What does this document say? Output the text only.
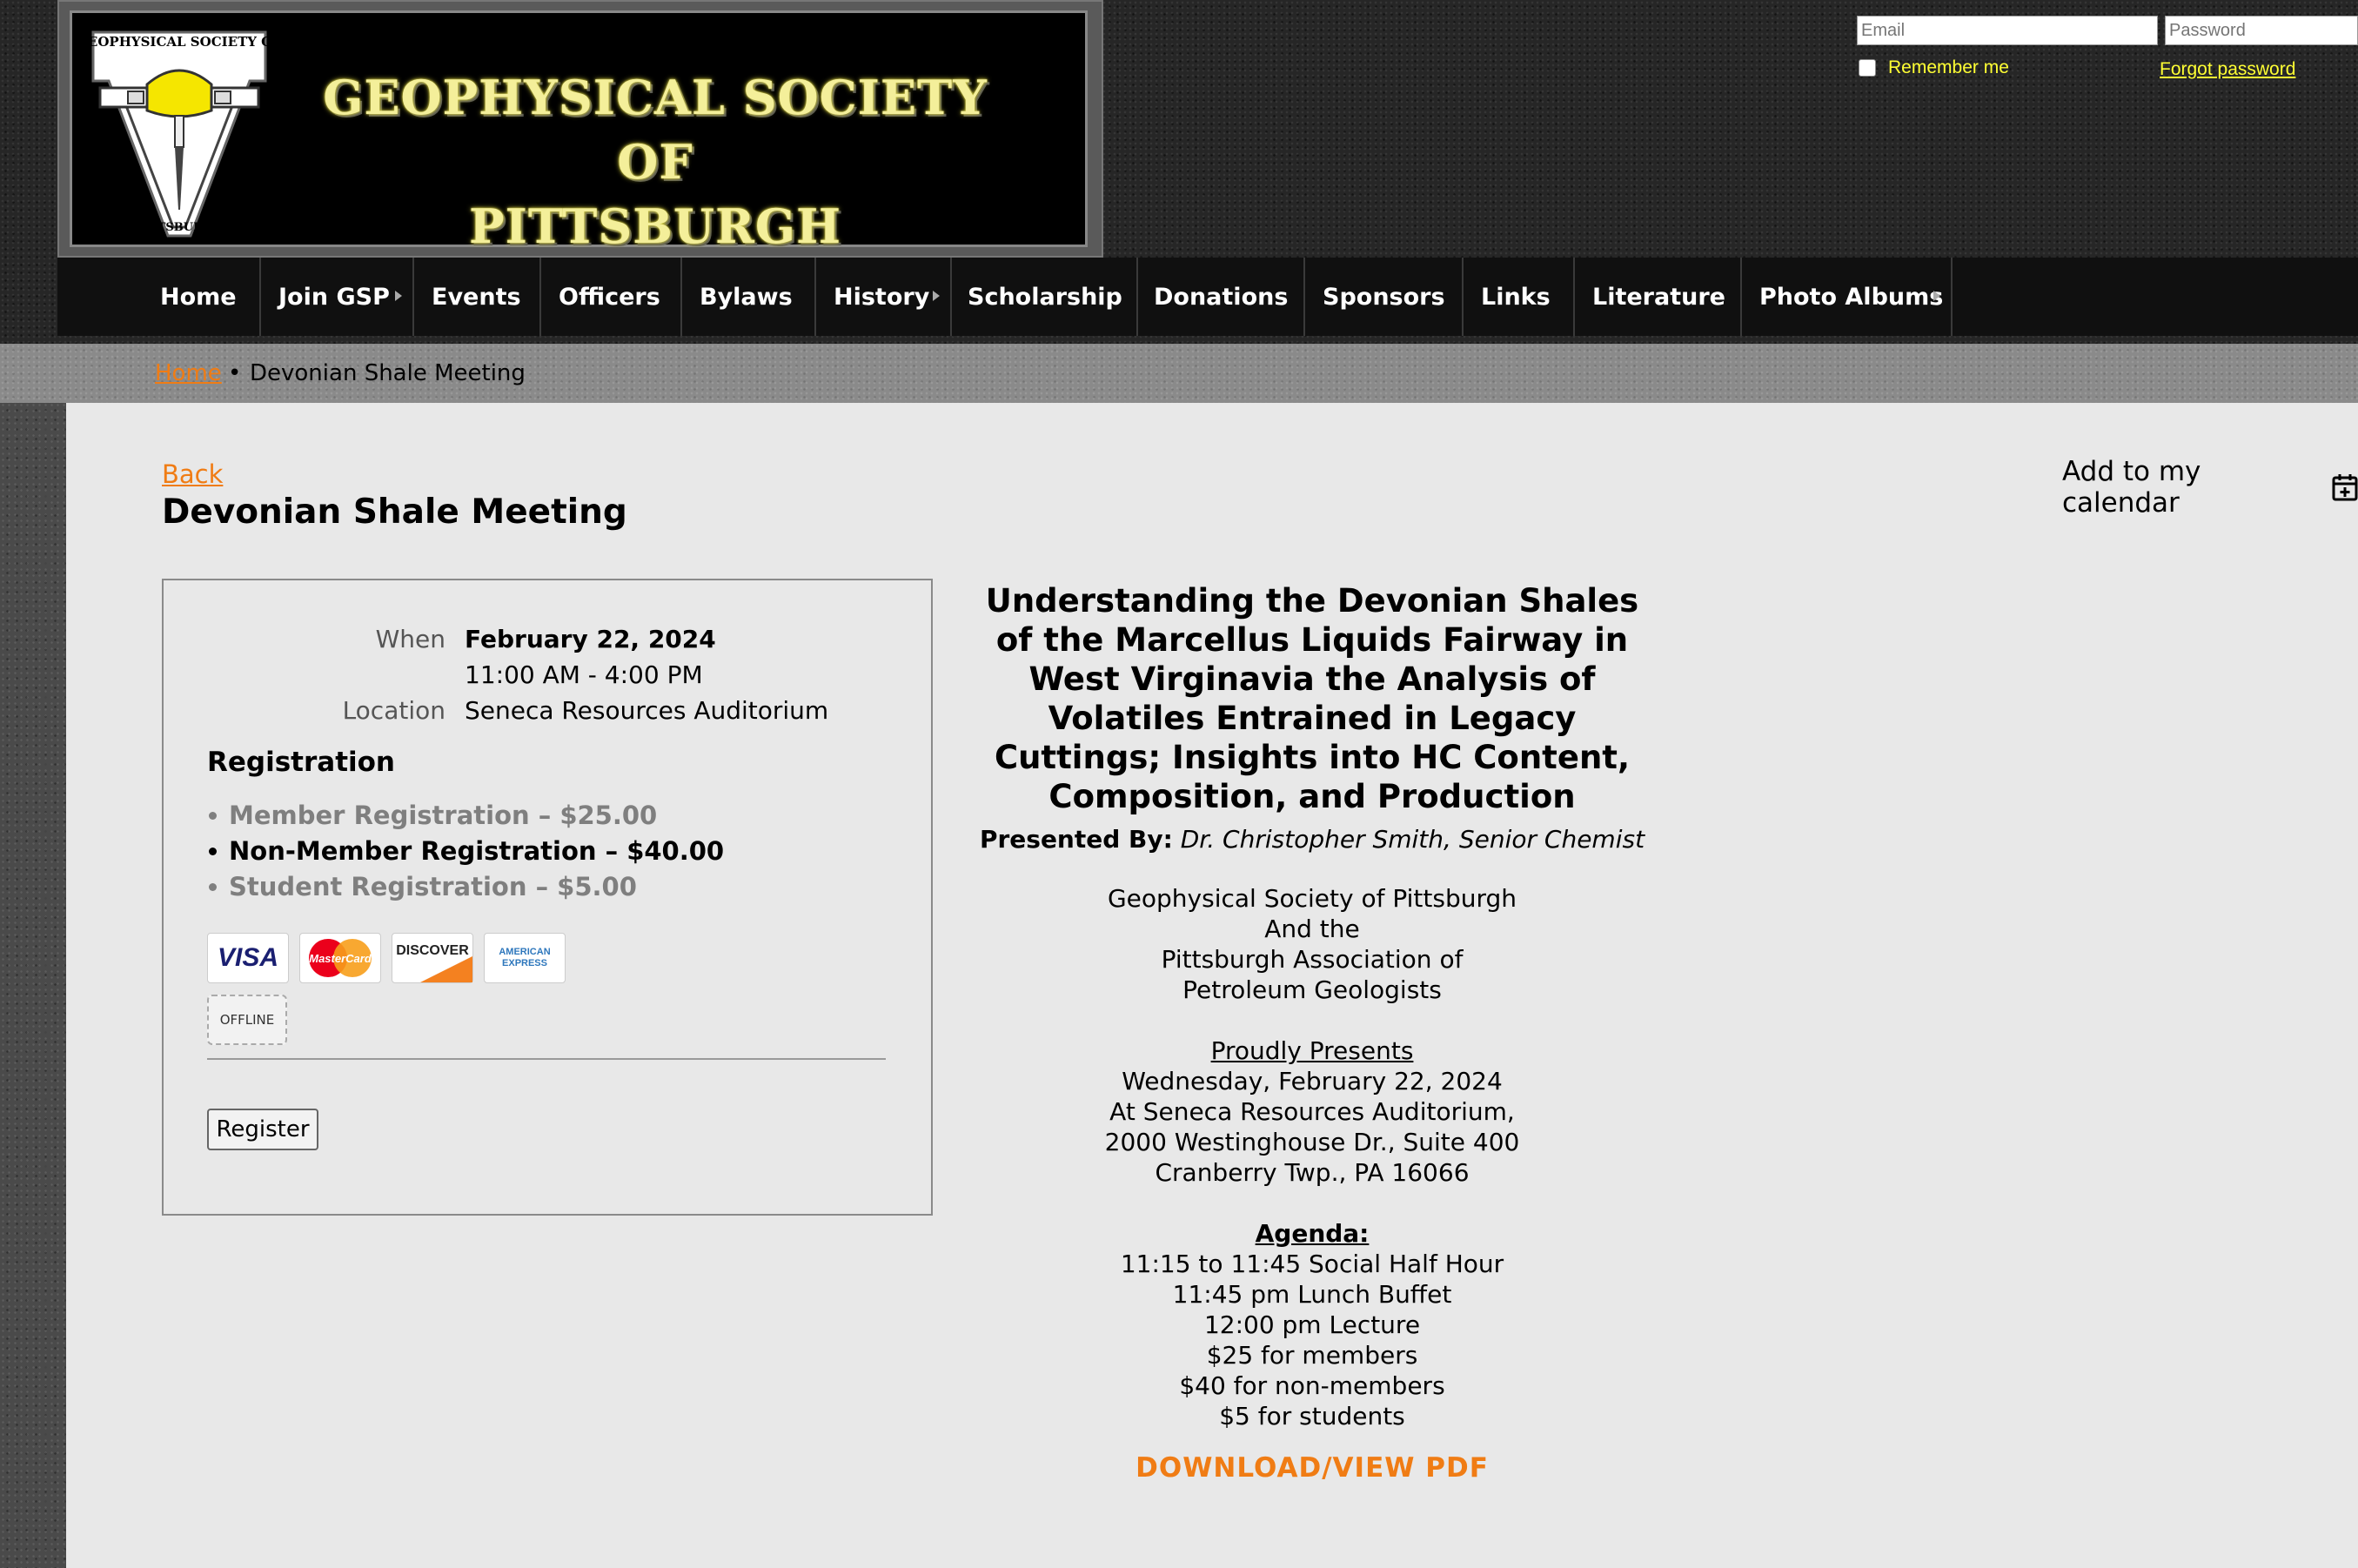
GEOPHYSICAL SOCIETY OF
PITTSBURGH
GEOPHYSICAL SOCIETY OF
PITTSBURGH
Email
Remember me	Forgot password
Home Join GSP Events Officers Bylaws History Scholarship Donations Sponsors Links Literature Photo Albums
Home • Devonian Shale Meeting
Back
Devonian Shale Meeting
Add to my calendar
When February 22, 2024
11:00 AM - 4:00 PM
Location Seneca Resources Auditorium
Registration
Member Registration – $25.00
Non-Member Registration – $40.00
Student Registration – $5.00
VISA	MasterCard DISCOVER	AMERICAN EXPRESS
OFFLINE
Register
Understanding the Devonian Shales of the Marcellus Liquids Fairway in West Virginavia the Analysis of Volatiles Entrained in Legacy Cuttings; Insights into HC Content, Composition, and Production
Presented By: Dr. Christopher Smith, Senior Chemist
Geophysical Society of Pittsburgh
And the
Pittsburgh Association of
Petroleum Geologists
Proudly Presents
Wednesday, February 22, 2024
At Seneca Resources Auditorium,
2000 Westinghouse Dr., Suite 400
Cranberry Twp., PA 16066
Agenda:
11:15 to 11:45 Social Half Hour
11:45 pm Lunch Buffet
12:00 pm Lecture
$25 for members
$40 for non-members
$5 for students
DOWNLOAD/VIEW PDF
